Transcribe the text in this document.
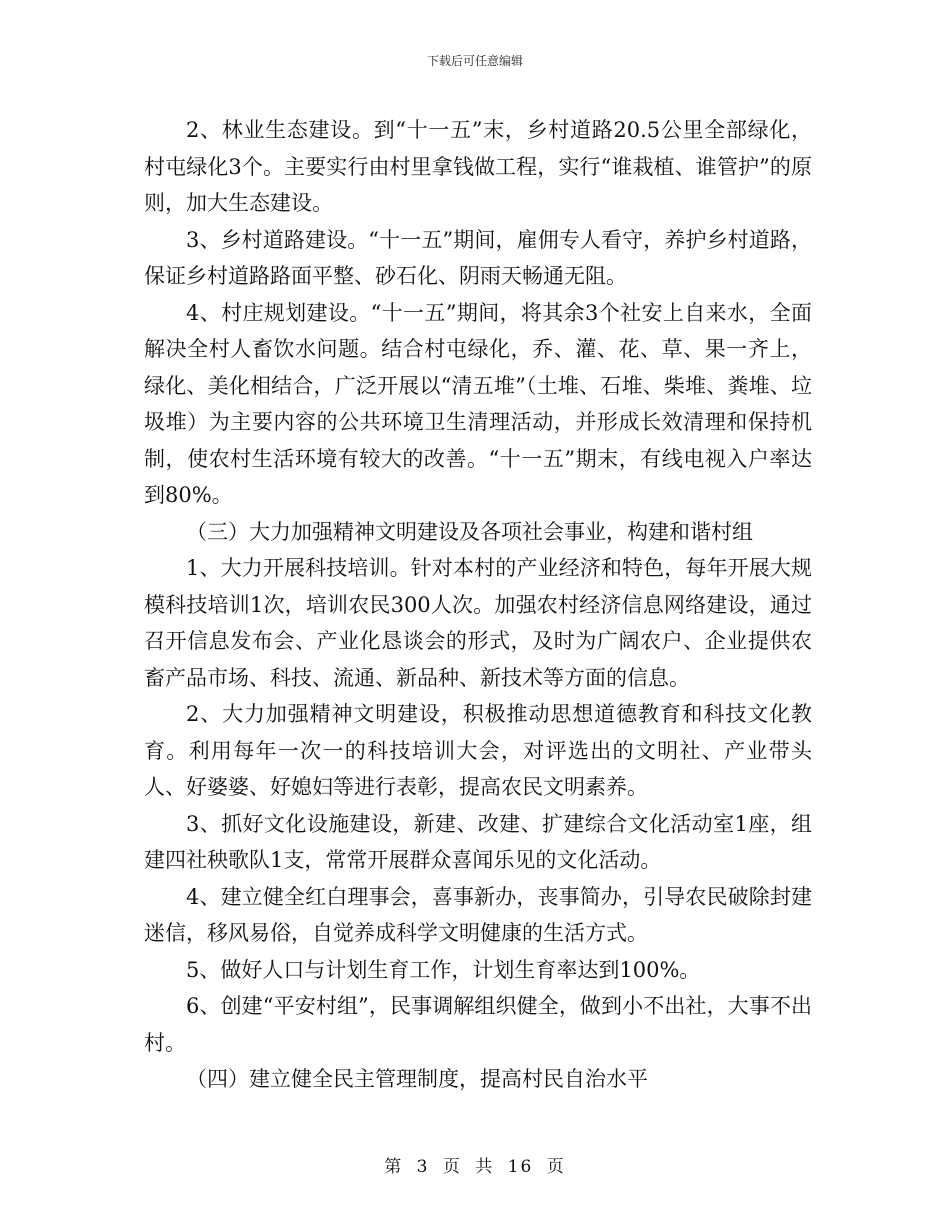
下载后可任意编辑

2、林业生态建设。到“十一五”末，乡村道路20.5公里全部绿化，村屯绿化3个。主要实行由村里拿钱做工程，实行“谁栽植、谁管护”的原则，加大生态建设。

3、乡村道路建设。“十一五”期间，雇佣专人看守，养护乡村道路，保证乡村道路路面平整、砂石化、阴雨天畅通无阻。

4、村庄规划建设。“十一五”期间，将其余3个社安上自来水，全面解决全村人畜饮水问题。结合村屯绿化，乔、灌、花、草、果一齐上，绿化、美化相结合，广泛开展以“清五堆”（土堆、石堆、柴堆、粪堆、垃圾堆）为主要内容的公共环境卫生清理活动，并形成长效清理和保持机制，使农村生活环境有较大的改善。“十一五”期末，有线电视入户率达到80%。

（三）大力加强精神文明建设及各项社会事业，构建和谐村组

1、大力开展科技培训。针对本村的产业经济和特色，每年开展大规模科技培训1次，培训农民300人次。加强农村经济信息网络建设，通过召开信息发布会、产业化恳谈会的形式，及时为广阔农户、企业提供农畜产品市场、科技、流通、新品种、新技术等方面的信息。

2、大力加强精神文明建设，积极推动思想道德教育和科技文化教育。利用每年一次一的科技培训大会，对评选出的文明社、产业带头人、好婆婆、好媳妇等进行表彰，提高农民文明素养。

3、抓好文化设施建设，新建、改建、扩建综合文化活动室1座，组建四社秧歌队1支，常常开展群众喜闻乐见的文化活动。

4、建立健全红白理事会，喜事新办，丧事简办，引导农民破除封建迷信，移风易俗，自觉养成科学文明健康的生活方式。

5、做好人口与计划生育工作，计划生育率达到100%。

6、创建“平安村组”，民事调解组织健全，做到小不出社，大事不出村。

（四）建立健全民主管理制度，提高村民自治水平

第 3 页 共 16 页
